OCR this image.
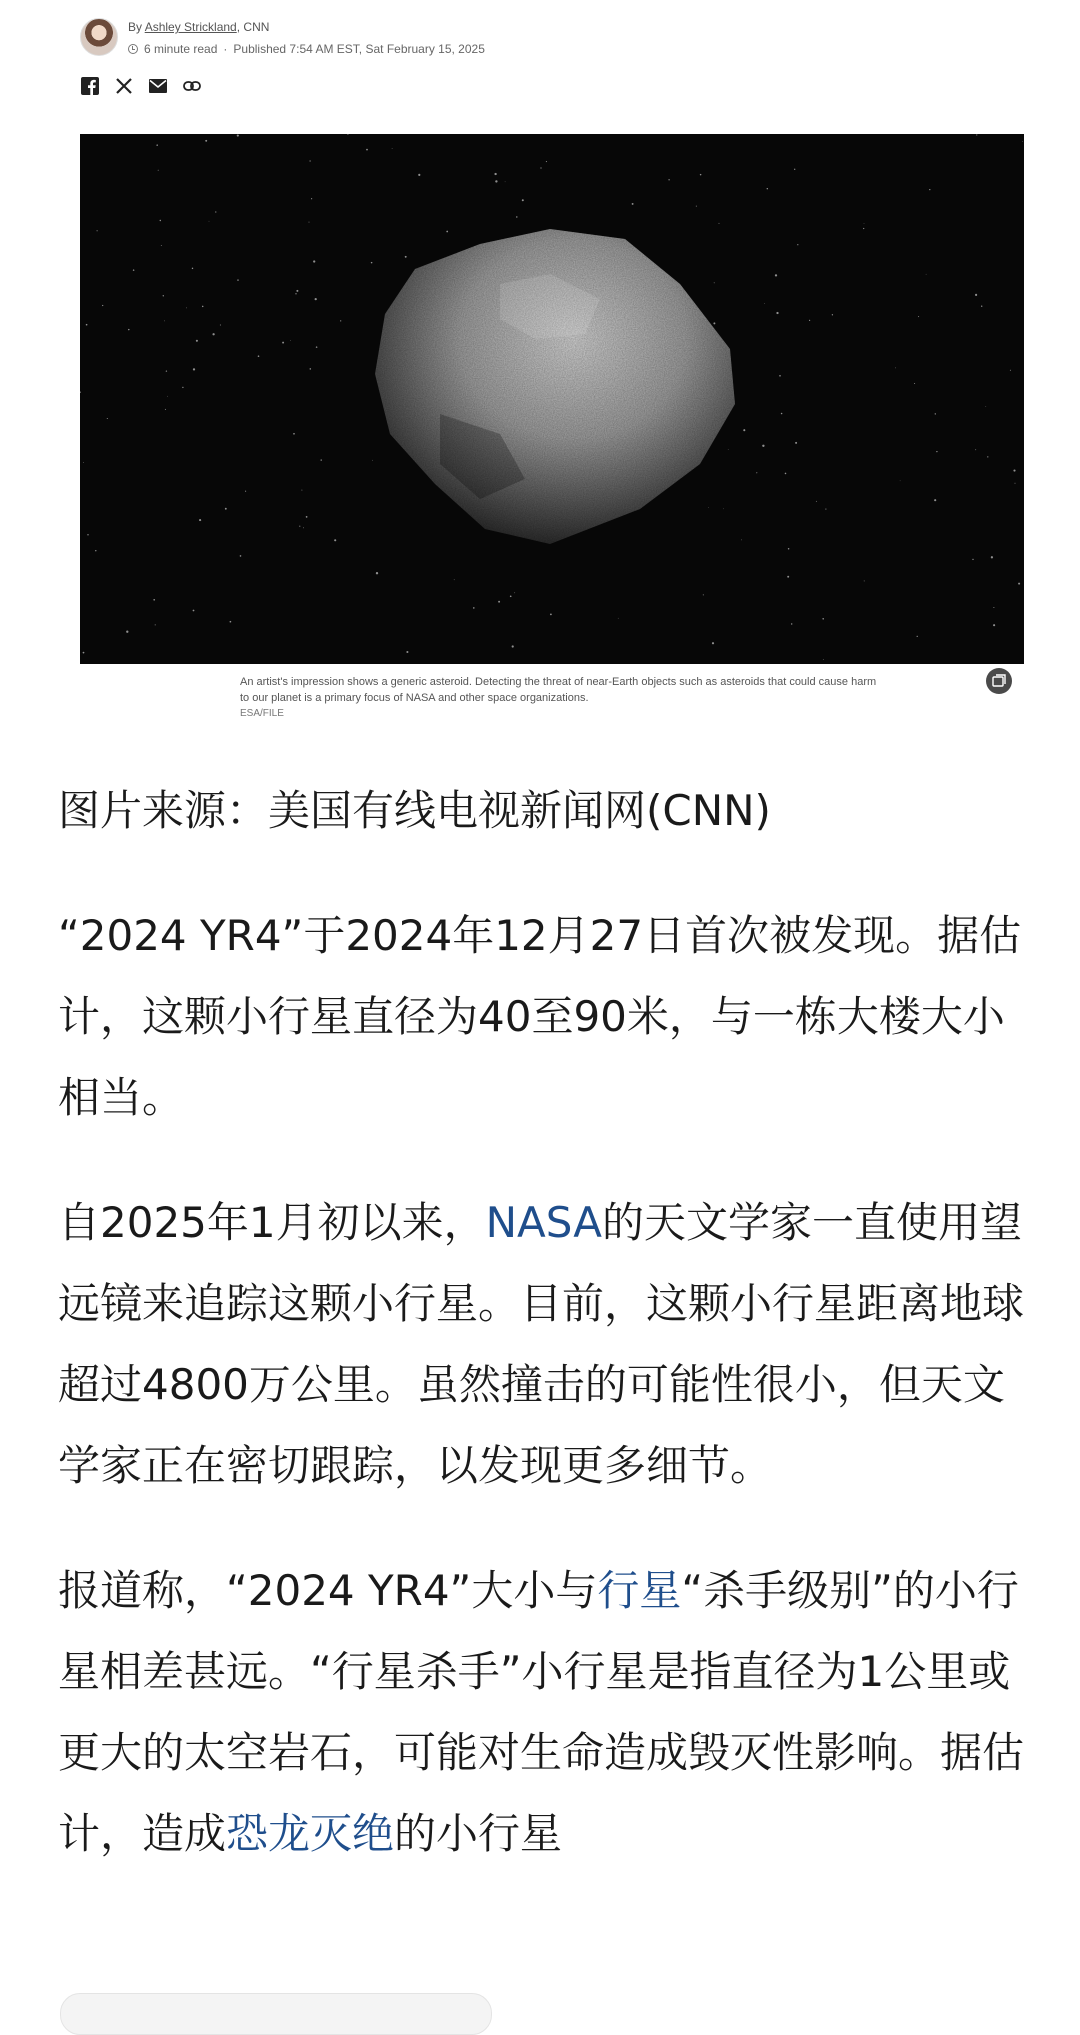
By Ashley Strickland, CNN
6 minute read · Published 7:54 AM EST, Sat February 15, 2025
An artist's impression shows a generic asteroid. Detecting the threat of near-Earth objects such as asteroids that could cause harm to our planet is a primary focus of NASA and other space organizations.
ESA/FILE

图片来源：美国有线电视新闻网(CNN)

“2024 YR4”于2024年12月27日首次被发现。据估计，这颗小行星直径为40至90米，与一栋大楼大小相当。

自2025年1月初以来，NASA的天文学家一直使用望远镜来追踪这颗小行星。目前，这颗小行星距离地球超过4800万公里。虽然撞击的可能性很小，但天文学家正在密切跟踪，以发现更多细节。

报道称，“2024 YR4”大小与行星“杀手级别”的小行星相差甚远。“行星杀手”小行星是指直径为1公里或更大的太空岩石，可能对生命造成毁灭性影响。据估计，造成恐龙灭绝的小行星
